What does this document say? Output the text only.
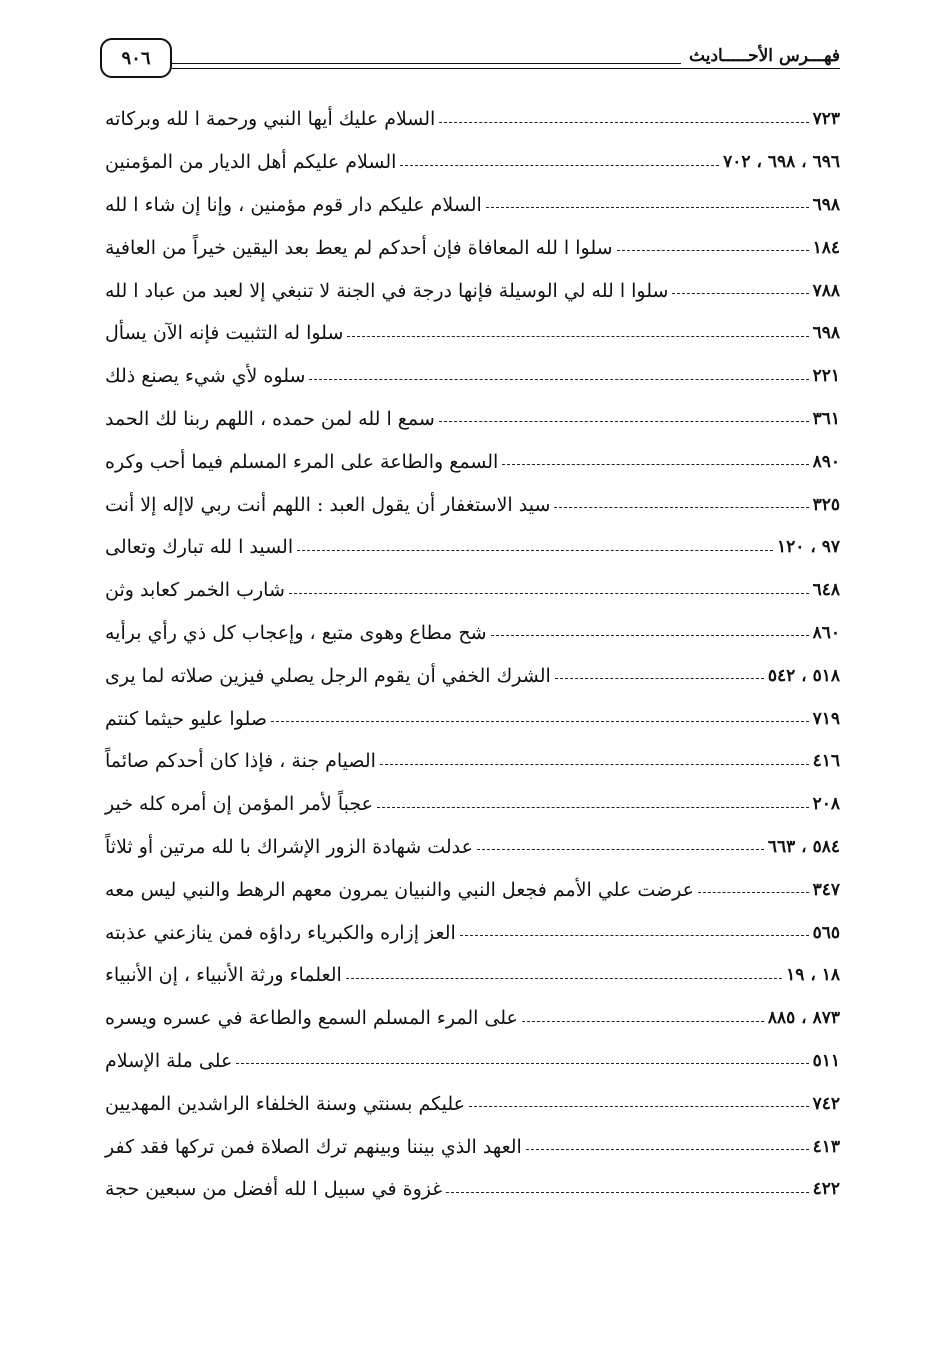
فهـــرس الأحـــــاديث
٩٠٦
السلام عليك أيها النبي ورحمة ا لله وبركاته	٧٢٣
السلام عليكم أهل الديار من المؤمنين	٦٩٦ ، ٦٩٨ ، ٧٠٢
السلام عليكم دار قوم مؤمنين ، وإنا إن شاء ا لله	٦٩٨
سلوا ا لله المعافاة فإن أحدكم لم يعط بعد اليقين خيراً من العافية	١٨٤
سلوا ا لله لي الوسيلة فإنها درجة في الجنة لا تنبغي إلا لعبد من عباد ا لله	٧٨٨
سلوا له التثبيت فإنه الآن يسأل	٦٩٨
سلوه لأي شيء يصنع ذلك	٢٢١
سمع ا لله لمن حمده ، اللهم ربنا لك الحمد	٣٦١
السمع والطاعة على المرء المسلم فيما أحب وكره	٨٩٠
سيد الاستغفار أن يقول العبد : اللهم أنت ربي لاإله إلا أنت	٣٢٥
السيد ا لله تبارك وتعالى	٩٧ ، ١٢٠
شارب الخمر كعابد وثن	٦٤٨
شح مطاع وهوى متبع ، وإعجاب كل ذي رأي برأيه	٨٦٠
الشرك الخفي أن يقوم الرجل يصلي فيزين صلاته لما يرى	٥١٨ ، ٥٤٢
صلوا عليو حيثما كنتم	٧١٩
الصيام جنة ، فإذا كان أحدكم صائماً	٤١٦
عجباً لأمر المؤمن إن أمره كله خير	٢٠٨
عدلت شهادة الزور الإشراك با لله مرتين أو ثلاثاً	٥٨٤ ، ٦٦٣
عرضت علي الأمم فجعل النبي والنبيان يمرون معهم الرهط والنبي ليس معه	٣٤٧
العز إزاره والكبرياء رداؤه فمن ينازعني عذبته	٥٦٥
العلماء ورثة الأنبياء ، إن الأنبياء	١٨ ، ١٩
على المرء المسلم السمع والطاعة في عسره ويسره	٨٧٣ ، ٨٨٥
على ملة الإسلام	٥١١
عليكم بسنتي وسنة الخلفاء الراشدين المهديين	٧٤٢
العهد الذي بيننا وبينهم ترك الصلاة فمن تركها فقد كفر	٤١٣
غزوة في سبيل ا لله أفضل من سبعين حجة	٤٢٢
